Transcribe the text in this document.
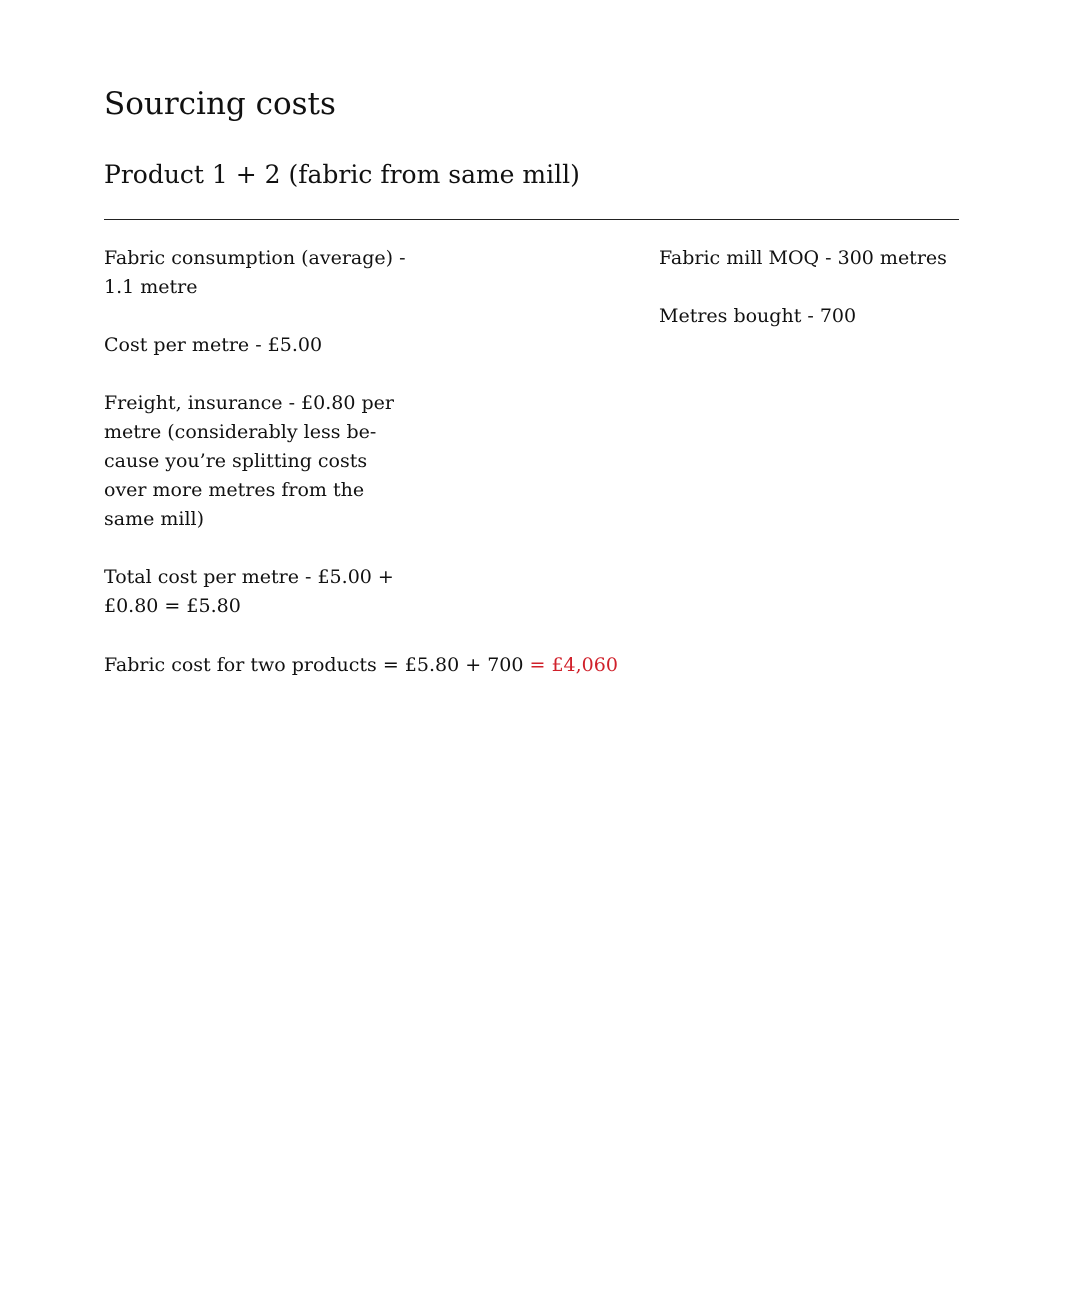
Sourcing costs
Product 1 + 2 (fabric from same mill)

Fabric consumption (average) -
1.1 metre

Cost per metre - £5.00

Freight, insurance - £0.80 per
metre (considerably less be-
cause you’re splitting costs
over more metres from the
same mill)

Total cost per metre - £5.00 +
£0.80 = £5.80

Fabric mill MOQ - 300 metres

Metres bought - 700

Fabric cost for two products = £5.80 + 700 = £4,060
